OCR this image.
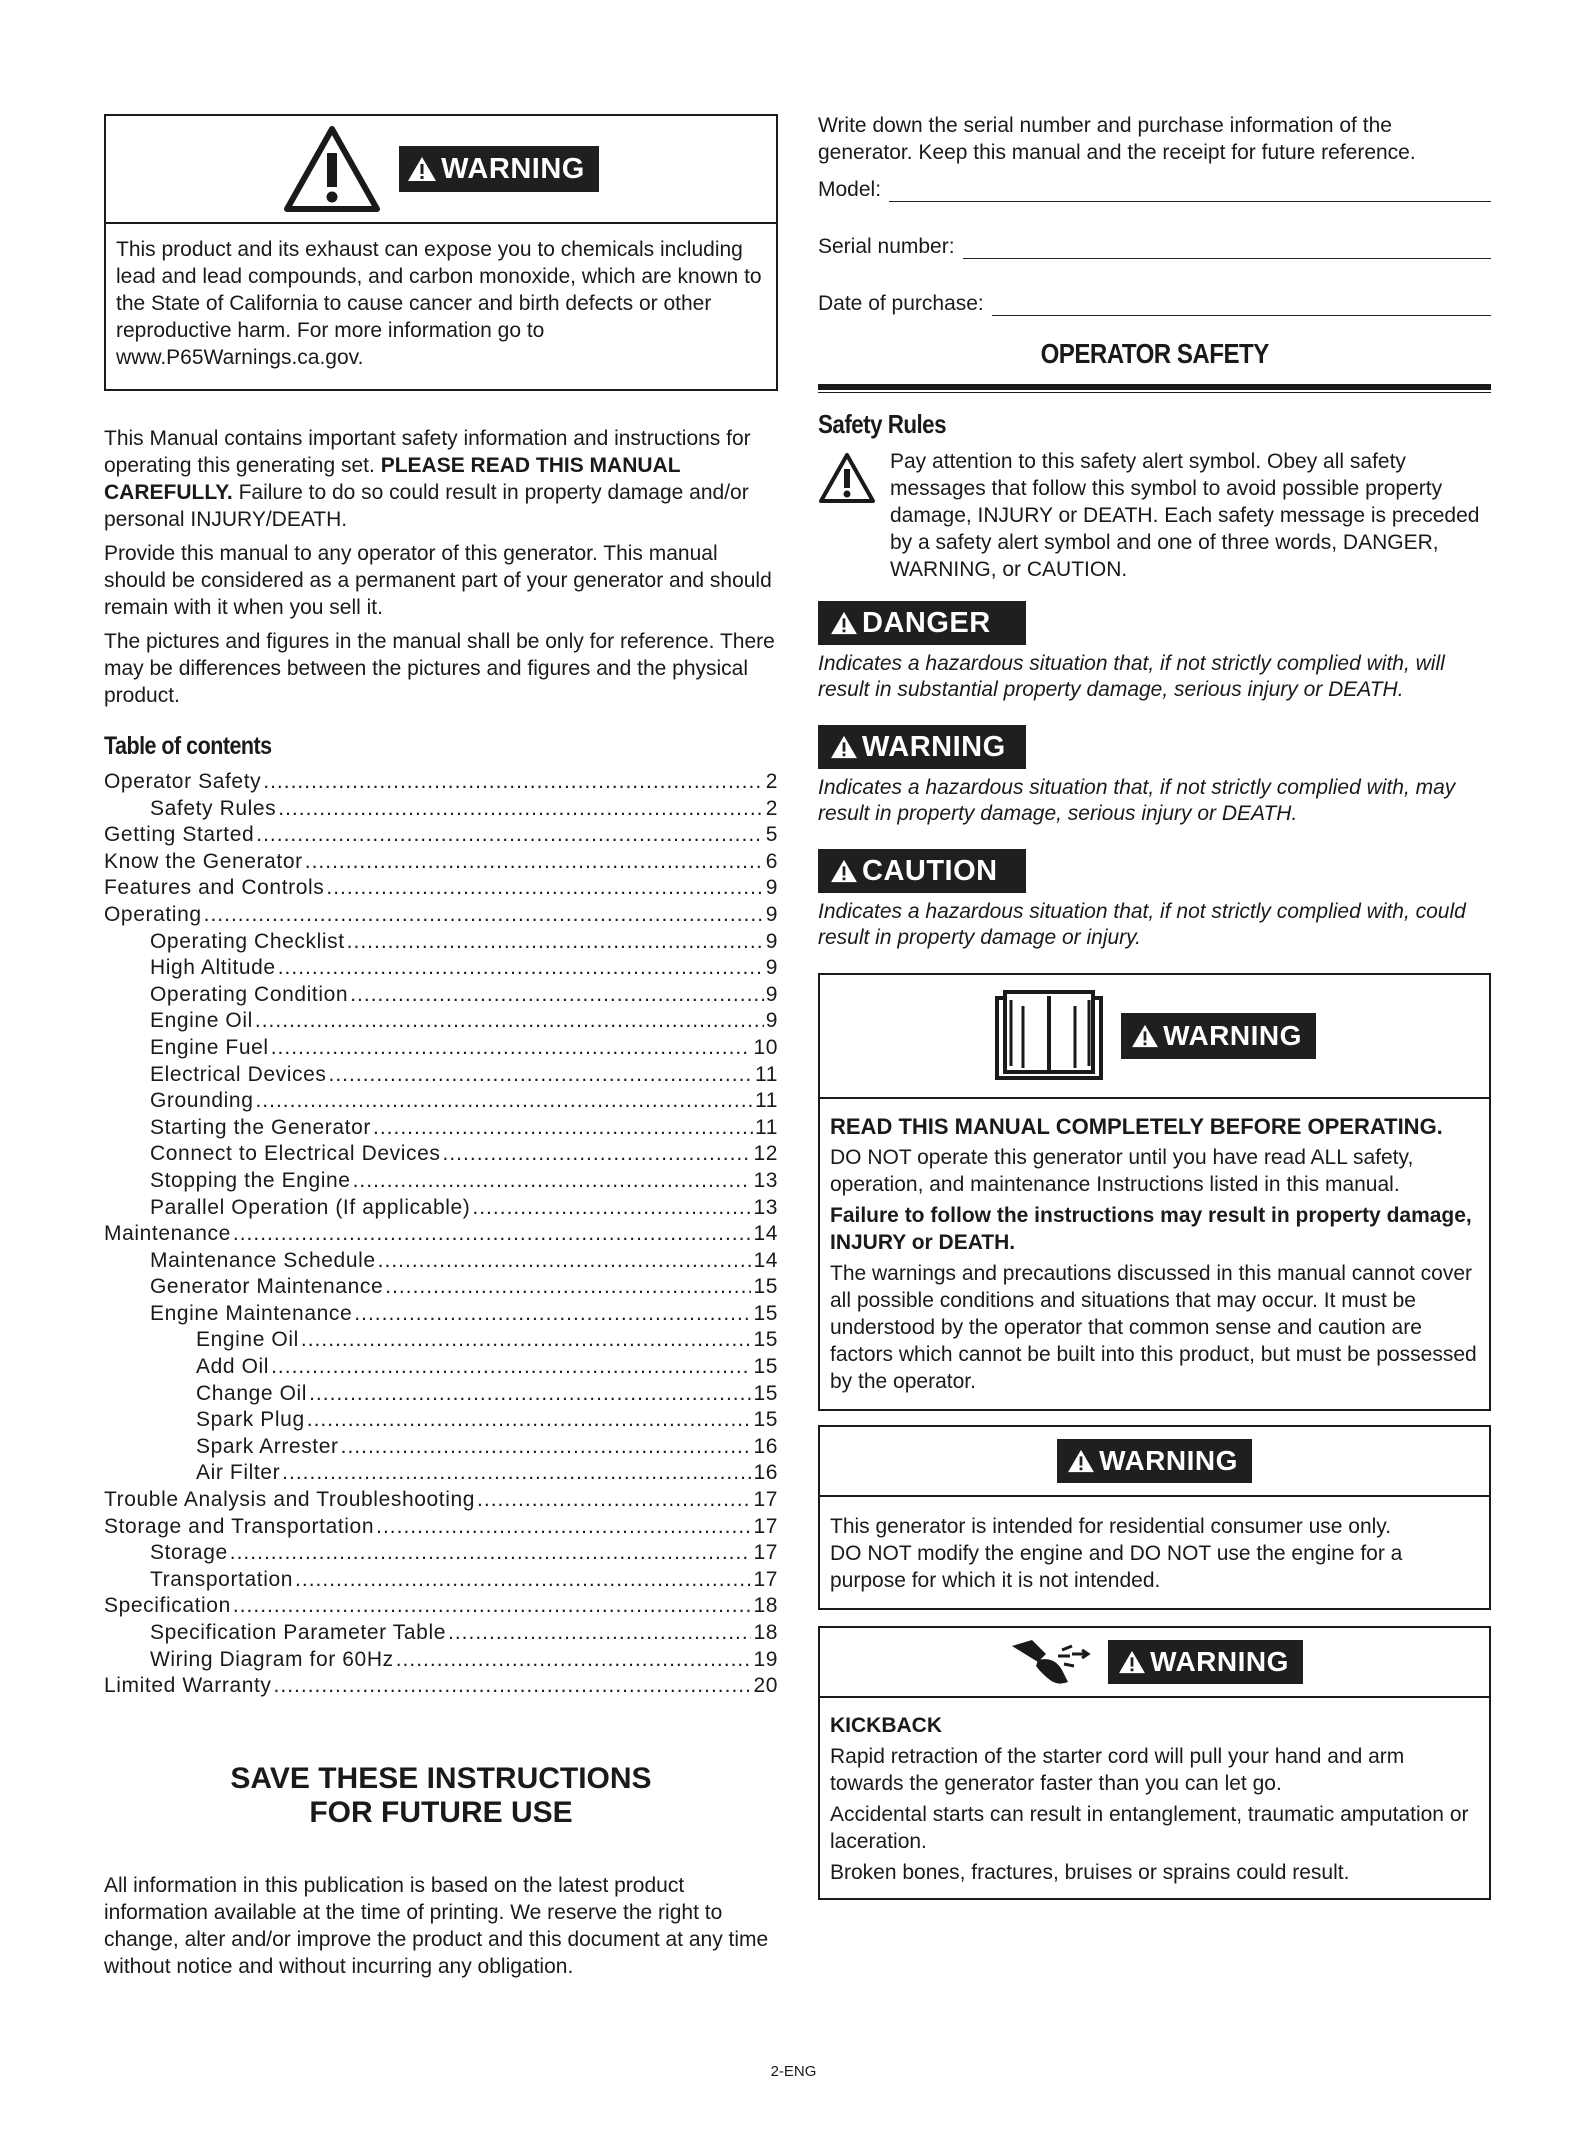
WARNING
This product and its exhaust can expose you to chemicals including lead and lead compounds, and carbon monoxide, which are known to the State of California to cause cancer and birth defects or other reproductive harm. For more information go to www.P65Warnings.ca.gov.

This Manual contains important safety information and instructions for operating this generating set. PLEASE READ THIS MANUAL CAREFULLY. Failure to do so could result in property damage and/or personal INJURY/DEATH.

Provide this manual to any operator of this generator. This manual should be considered as a permanent part of your generator and should remain with it when you sell it.

The pictures and figures in the manual shall be only for reference. There may be differences between the pictures and figures and the physical product.

Table of contents
Operator Safety .....	2
Safety Rules .....	2
Getting Started .....	5
Know the Generator .....	6
Features and Controls .....	9
Operating .....	9
Operating Checklist .....	9
High Altitude .....	9
Operating Condition .....	9
Engine Oil .....	9
Engine Fuel .....	10
Electrical Devices .....	11
Grounding .....	11
Starting the Generator .....	11
Connect to Electrical Devices .....	12
Stopping the Engine .....	13
Parallel Operation (If applicable) .....	13
Maintenance .....	14
Maintenance Schedule .....	14
Generator Maintenance .....	15
Engine Maintenance .....	15
Engine Oil .....	15
Add Oil .....	15
Change Oil .....	15
Spark Plug .....	15
Spark Arrester .....	16
Air Filter .....	16
Trouble Analysis and Troubleshooting .....	17
Storage and Transportation .....	17
Storage .....	17
Transportation .....	17
Specification .....	18
Specification Parameter Table .....	18
Wiring Diagram for 60Hz .....	19
Limited Warranty .....	20
SAVE THESE INSTRUCTIONS
FOR FUTURE USE

All information in this publication is based on the latest product information available at the time of printing. We reserve the right to change, alter and/or improve the product and this document at any time without notice and without incurring any obligation.

Write down the serial number and purchase information of the generator. Keep this manual and the receipt for future reference.

Model:
Serial number:
Date of purchase:
OPERATOR SAFETY
Safety Rules

Pay attention to this safety alert symbol. Obey all safety messages that follow this symbol to avoid possible property damage, INJURY or DEATH. Each safety message is preceded by a safety alert symbol and one of three words, DANGER, WARNING, or CAUTION.

DANGER

Indicates a hazardous situation that, if not strictly complied with, will result in substantial property damage, serious injury or DEATH.

WARNING

Indicates a hazardous situation that, if not strictly complied with, may result in property damage, serious injury or DEATH.

CAUTION

Indicates a hazardous situation that, if not strictly complied with, could result in property damage or injury.

WARNING

READ THIS MANUAL COMPLETELY BEFORE OPERATING.

DO NOT operate this generator until you have read ALL safety, operation, and maintenance Instructions listed in this manual.

Failure to follow the instructions may result in property damage, INJURY or DEATH.

The warnings and precautions discussed in this manual cannot cover all possible conditions and situations that may occur. It must be understood by the operator that common sense and caution are factors which cannot be built into this product, but must be possessed by the operator.

WARNING

This generator is intended for residential consumer use only.

DO NOT modify the engine and DO NOT use the engine for a purpose for which it is not intended.

WARNING

KICKBACK

Rapid retraction of the starter cord will pull your hand and arm towards the generator faster than you can let go.

Accidental starts can result in entanglement, traumatic amputation or laceration.

Broken bones, fractures, bruises or sprains could result.

2-ENG
